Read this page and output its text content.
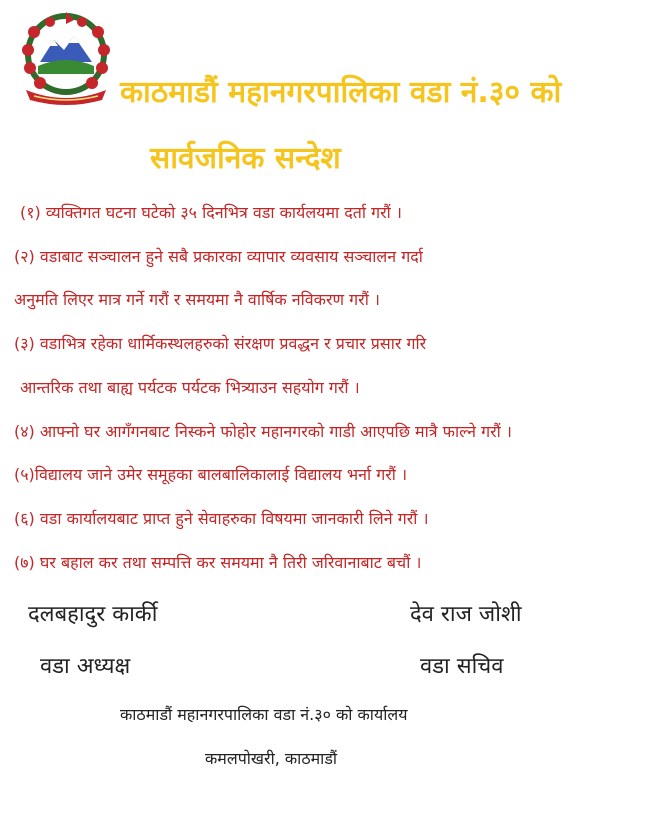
काठमाडौं महानगरपालिका वडा नं.३० को
सार्वजनिक सन्देश
(१) व्यक्तिगत घटना घटेको ३५ दिनभित्र वडा कार्यलयमा दर्ता गरौं ।
(२) वडाबाट सञ्चालन हुने सबै प्रकारका व्यापार व्यवसाय सञ्चालन गर्दा
अनुमति लिएर मात्र गर्ने गरौं र समयमा नै वार्षिक नविकरण गरौं ।
(३) वडाभित्र रहेका धार्मिकस्थलहरुको संरक्षण प्रवद्धन र प्रचार प्रसार गरि
आन्तरिक तथा बाह्य पर्यटक पर्यटक भित्र्याउन सहयोग गरौं ।
(४) आफ्नो घर आगँगनबाट निस्कने फोहोर महानगरको गाडी आएपछि मात्रै फाल्ने गरौं ।
(५)विद्यालय जाने उमेर समूहका बालबालिकालाई विद्यालय भर्ना गरौं ।
(६) वडा कार्यालयबाट प्राप्त हुने सेवाहरुका विषयमा जानकारी लिने गरौं ।
(७) घर बहाल कर तथा सम्पत्ति कर समयमा नै तिरी जरिवानाबाट बचौं ।
दलबहादुर कार्की	देव राज जोशी
वडा अध्यक्ष	वडा सचिव
काठमाडौं महानगरपालिका वडा नं.३० को कार्यालय
कमलपोखरी, काठमाडौं
